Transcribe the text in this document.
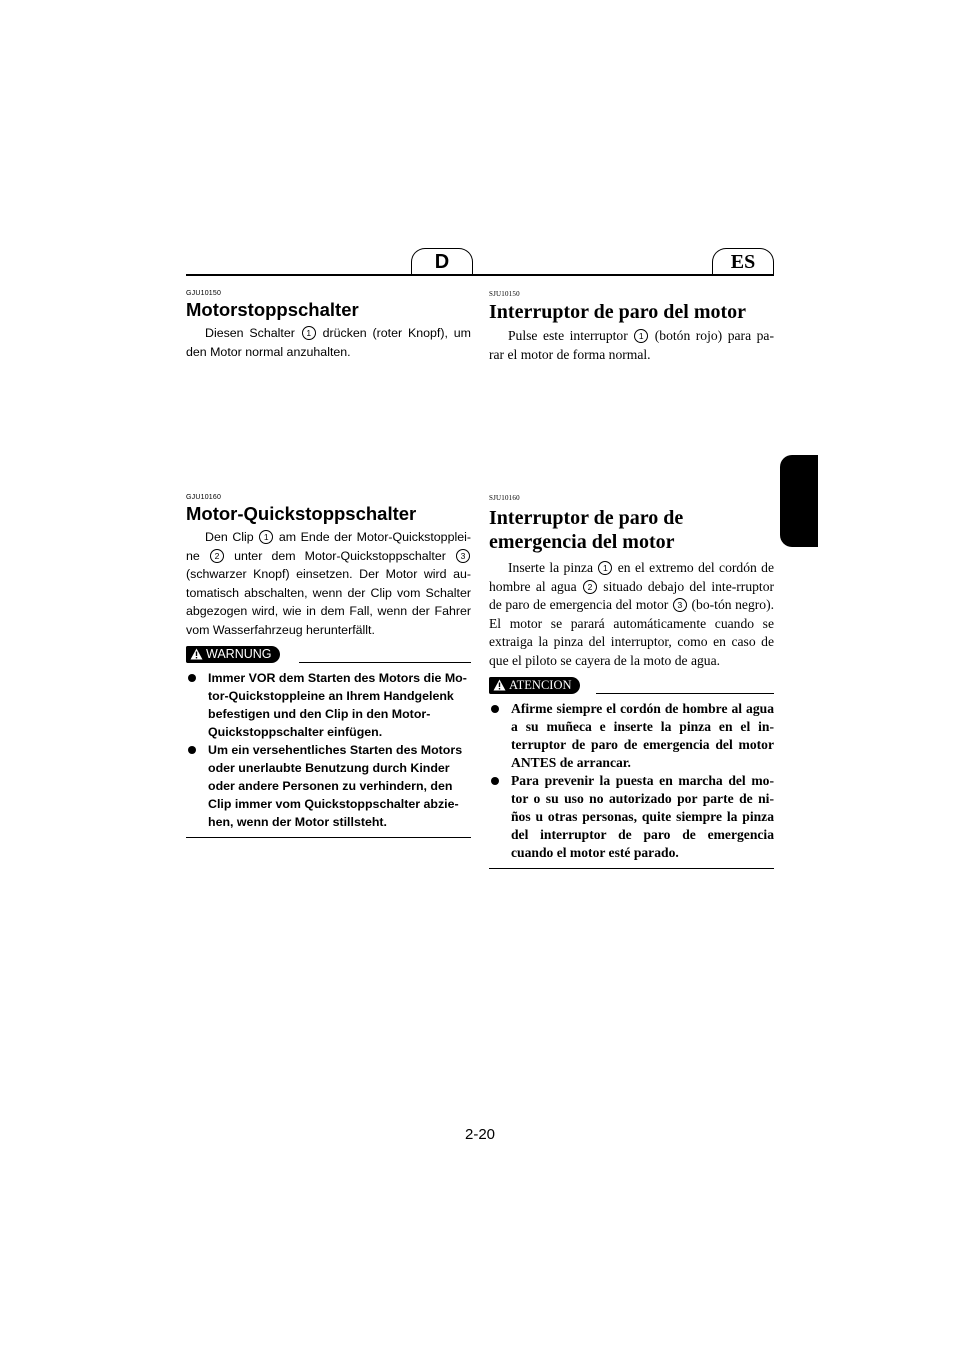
D	ES

GJU10150

Motorstoppschalter

Diesen Schalter 1 drücken (roter Knopf), um den Motor normal anzuhalten.

GJU10160

Motor-Quickstoppschalter

Den Clip 1 am Ende der Motor-Quickstopplei-ne 2 unter dem Motor-Quickstoppschalter 3 (schwarzer Knopf) einsetzen. Der Motor wird au-tomatisch abschalten, wenn der Clip vom Schalter abgezogen wird, wie in dem Fall, wenn der Fahrer vom Wasserfahrzeug herunterfällt.

WARNUNG
Immer VOR dem Starten des Motors die Mo-tor-Quickstoppleine an Ihrem Handgelenk befestigen und den Clip in den Motor-Quickstoppschalter einfügen.
Um ein versehentliches Starten des Motors oder unerlaubte Benutzung durch Kinder oder andere Personen zu verhindern, den Clip immer vom Quickstoppschalter abzie-hen, wenn der Motor stillsteht.

SJU10150

Interruptor de paro del motor

Pulse este interruptor 1 (botón rojo) para pa-rar el motor de forma normal.

SJU10160

Interruptor de paro de
emergencia del motor

Inserte la pinza 1 en el extremo del cordón de hombre al agua 2 situado debajo del inte-rruptor de paro de emergencia del motor 3 (bo-tón negro). El motor se parará automáticamente cuando se extraiga la pinza del interruptor, como en caso de que el piloto se cayera de la moto de agua.

ATENCION
Afirme siempre el cordón de hombre al agua a su muñeca e inserte la pinza en el in-terruptor de paro de emergencia del motor ANTES de arrancar.
Para prevenir la puesta en marcha del mo-tor o su uso no autorizado por parte de ni-ños u otras personas, quite siempre la pinza del interruptor de paro de emergencia cuando el motor esté parado.
2-20
